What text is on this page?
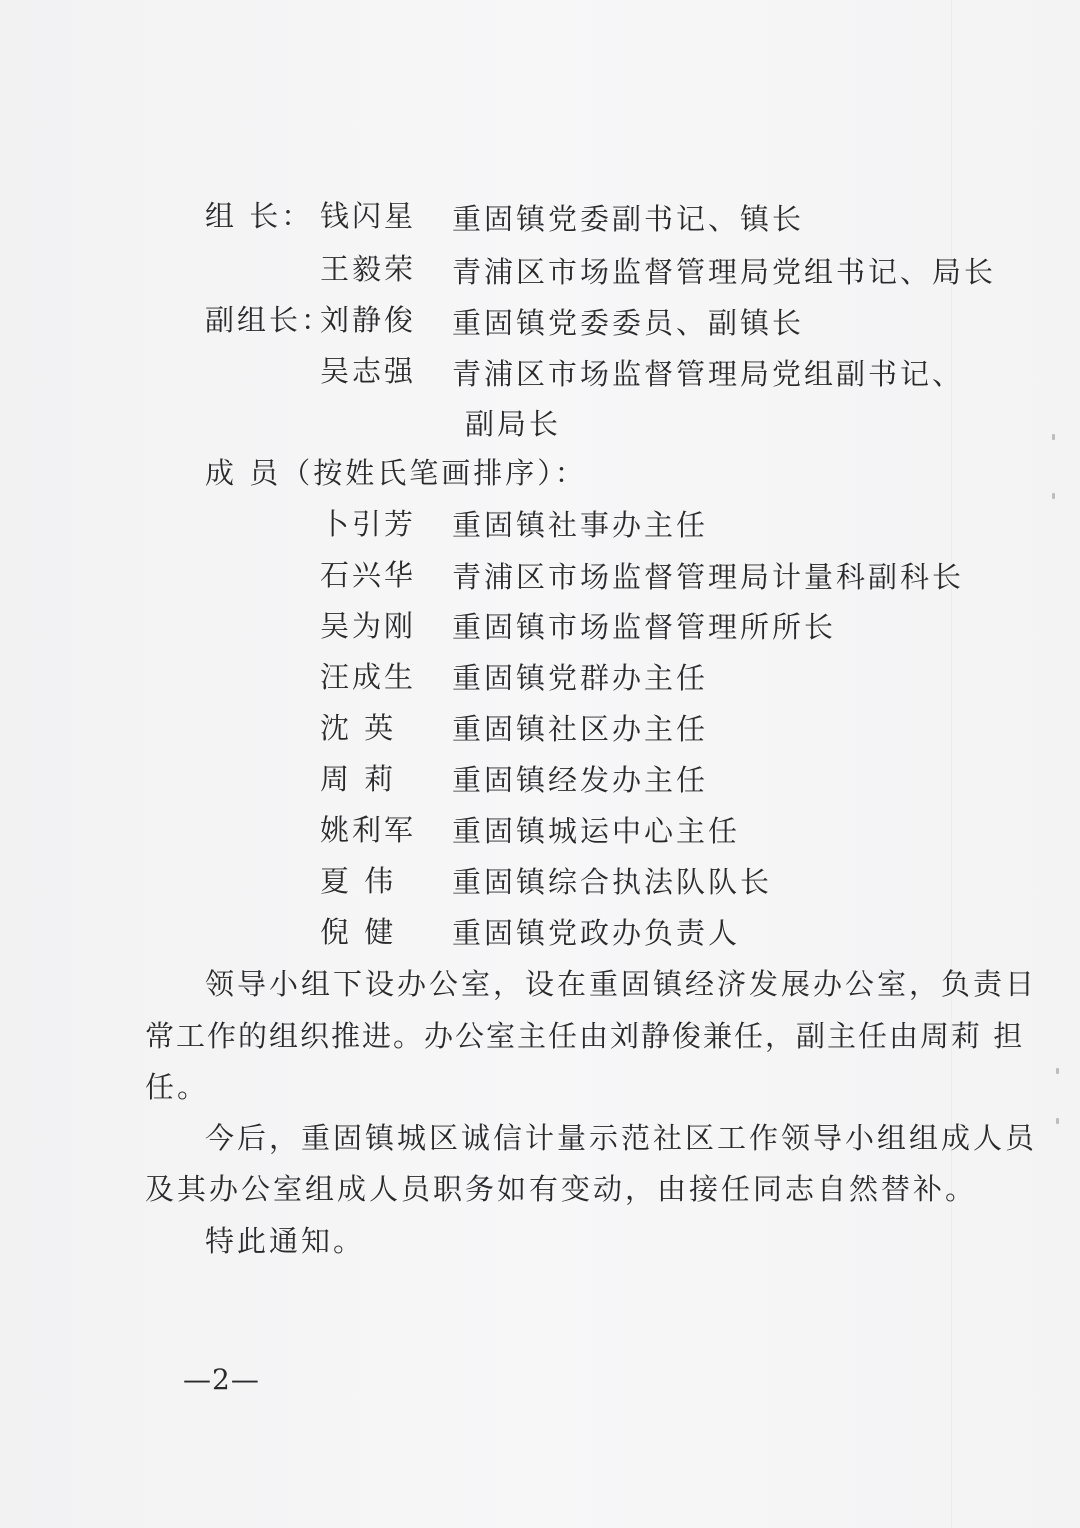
组 长： 钱闪星 重固镇党委副书记、镇长
王毅荣 青浦区市场监督管理局党组书记、局长
副组长：
刘静俊 重固镇党委委员、副镇长
吴志强 青浦区市场监督管理局党组副书记、
副局长
成 员（按姓氏笔画排序）：
卜引芳 重固镇社事办主任
石兴华 青浦区市场监督管理局计量科副科长
吴为刚 重固镇市场监督管理所所长
汪成生 重固镇党群办主任
沈 英 重固镇社区办主任
周 莉 重固镇经发办主任
姚利军 重固镇城运中心主任
夏 伟 重固镇综合执法队队长
倪 健 重固镇党政办负责人
领导小组下设办公室，设在重固镇经济发展办公室，负责日
常工作的组织推进。办公室主任由刘静俊兼任，副主任由周莉 担
任。
今后，重固镇城区诚信计量示范社区工作领导小组组成人员
及其办公室组成人员职务如有变动，由接任同志自然替补。
特此通知。
—2—
